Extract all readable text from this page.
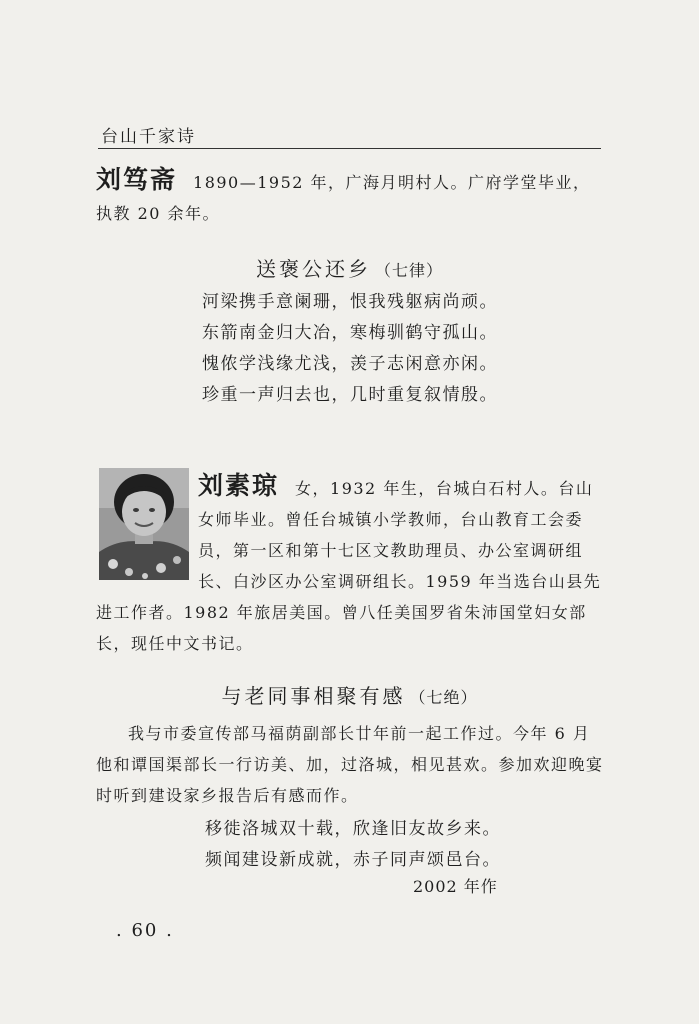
台山千家诗
刘笃斋 1890—1952 年，广海月明村人。广府学堂毕业，执教 20 余年。
送褒公还乡 （七律）
河梁携手意阑珊，恨我残躯病尚顽。
东箭南金归大冶，寒梅驯鹤守孤山。
愧侬学浅缘尤浅，羡子志闲意亦闲。
珍重一声归去也，几时重复叙情殷。
刘素琼 女，1932 年生，台城白石村人。台山女师毕业。曾任台城镇小学教师，台山教育工会委员，第一区和第十七区文教助理员、办公室调研组长、白沙区办公室调研组长。1959 年当选台山县先进工作者。1982 年旅居美国。曾八任美国罗省朱沛国堂妇女部长，现任中文书记。
与老同事相聚有感 （七绝）
我与市委宣传部马福荫副部长廿年前一起工作过。今年 6 月他和谭国渠部长一行访美、加，过洛城，相见甚欢。参加欢迎晚宴时听到建设家乡报告后有感而作。
移徙洛城双十载，欣逢旧友故乡来。
频闻建设新成就，赤子同声颂邑台。
2002 年作
. 60 .
